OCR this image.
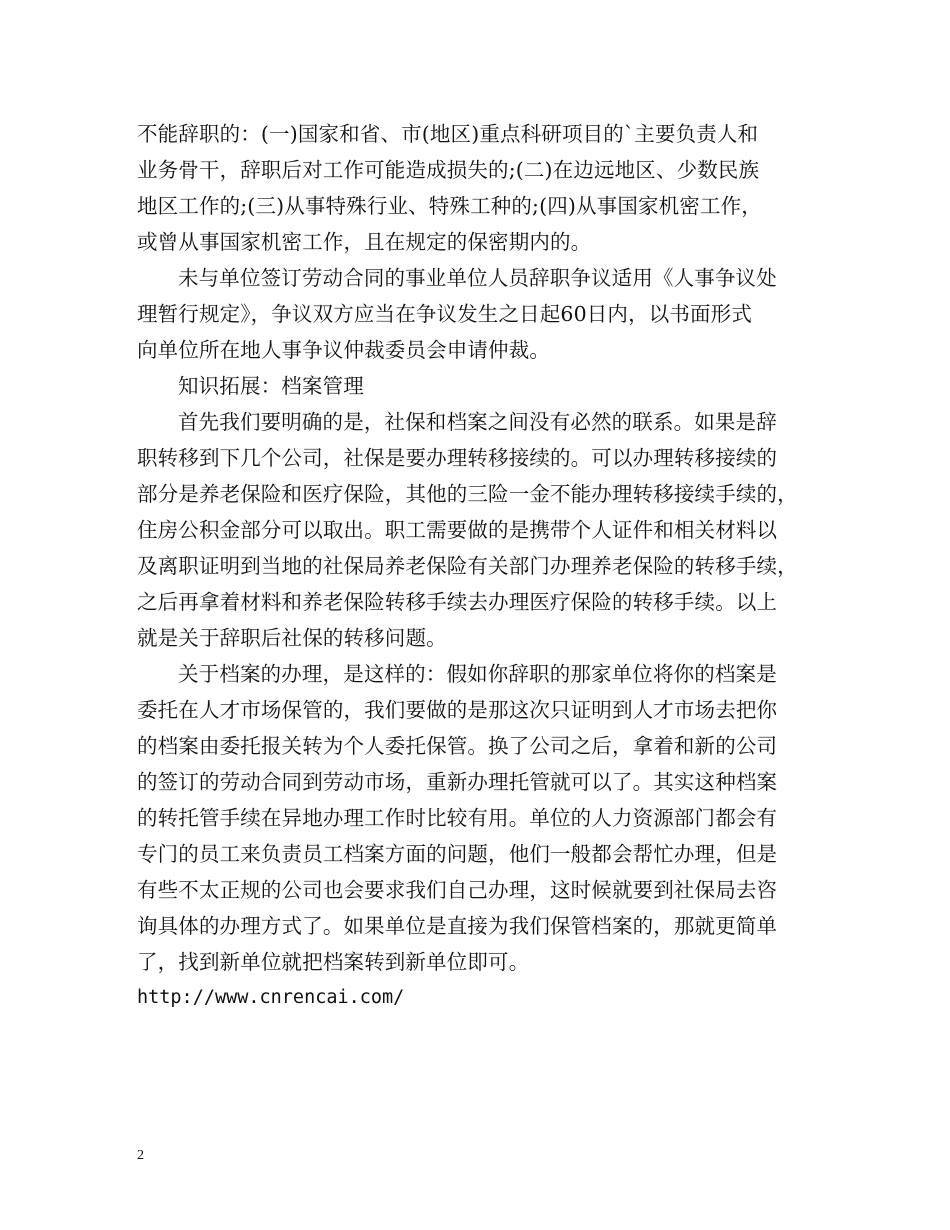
不能辞职的：(一)国家和省、市(地区)重点科研项目的`主要负责人和
业务骨干，辞职后对工作可能造成损失的;(二)在边远地区、少数民族
地区工作的;(三)从事特殊行业、特殊工种的;(四)从事国家机密工作，
或曾从事国家机密工作，且在规定的保密期内的。
未与单位签订劳动合同的事业单位人员辞职争议适用《人事争议处
理暂行规定》，争议双方应当在争议发生之日起60日内，以书面形式
向单位所在地人事争议仲裁委员会申请仲裁。
知识拓展：档案管理
首先我们要明确的是，社保和档案之间没有必然的联系。如果是辞
职转移到下几个公司，社保是要办理转移接续的。可以办理转移接续的
部分是养老保险和医疗保险，其他的三险一金不能办理转移接续手续的，
住房公积金部分可以取出。职工需要做的是携带个人证件和相关材料以
及离职证明到当地的社保局养老保险有关部门办理养老保险的转移手续，
之后再拿着材料和养老保险转移手续去办理医疗保险的转移手续。以上
就是关于辞职后社保的转移问题。
关于档案的办理，是这样的：假如你辞职的那家单位将你的档案是
委托在人才市场保管的，我们要做的是那这次只证明到人才市场去把你
的档案由委托报关转为个人委托保管。换了公司之后，拿着和新的公司
的签订的劳动合同到劳动市场，重新办理托管就可以了。其实这种档案
的转托管手续在异地办理工作时比较有用。单位的人力资源部门都会有
专门的员工来负责员工档案方面的问题，他们一般都会帮忙办理，但是
有些不太正规的公司也会要求我们自己办理，这时候就要到社保局去咨
询具体的办理方式了。如果单位是直接为我们保管档案的，那就更简单
了，找到新单位就把档案转到新单位即可。
http://www.cnrencai.com/
2
